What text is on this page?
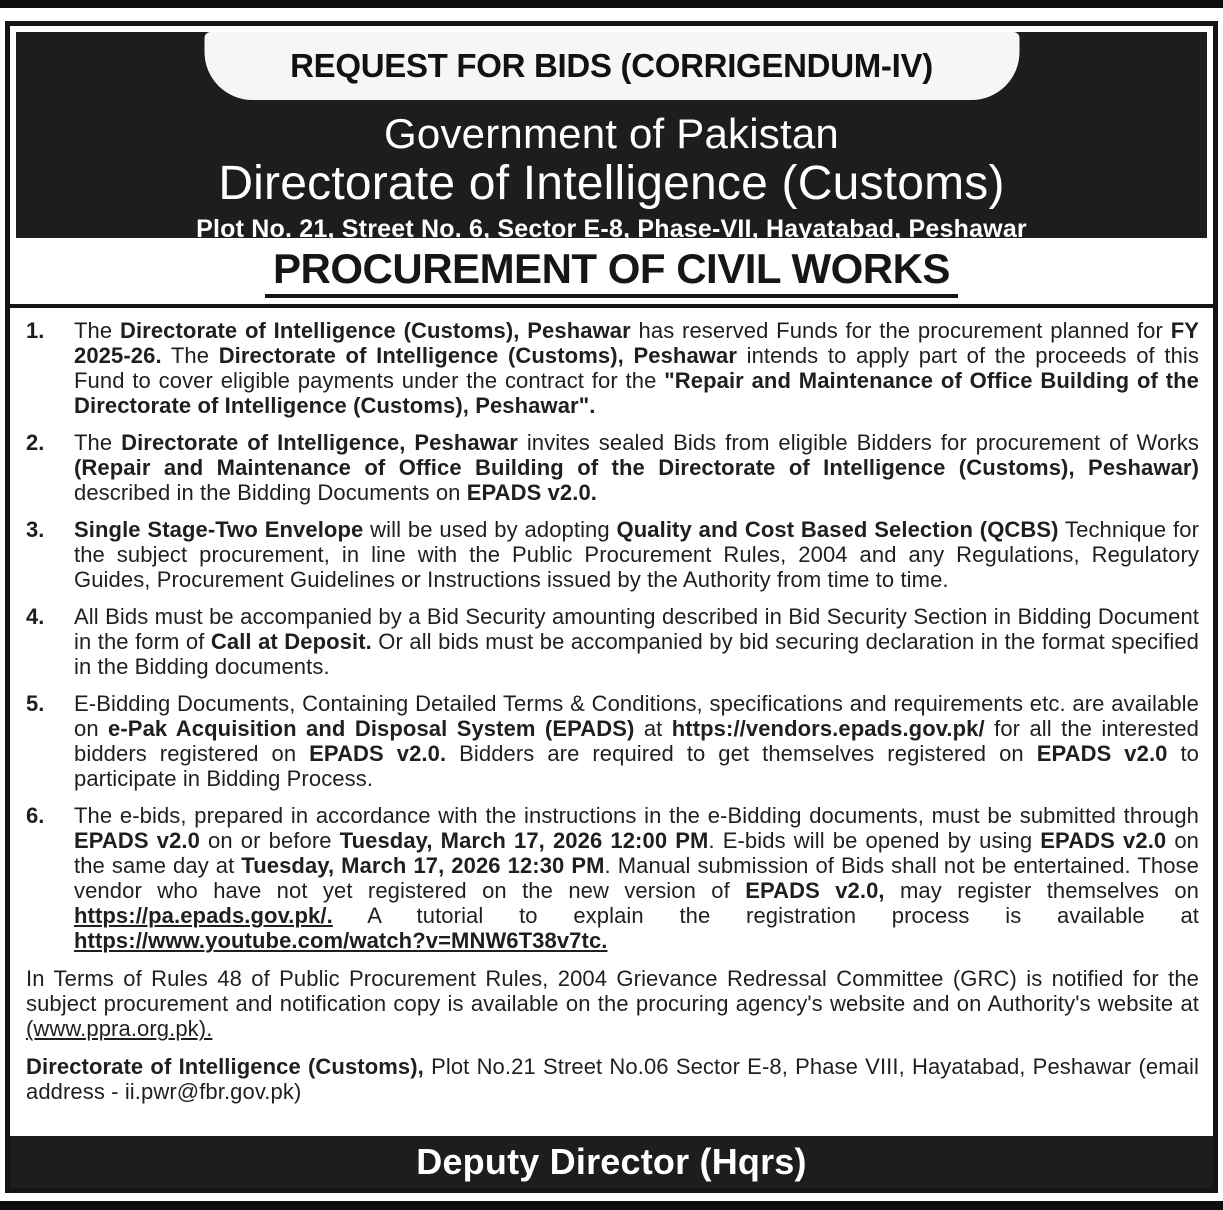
REQUEST FOR BIDS (CORRIGENDUM-IV)
Government of Pakistan
Directorate of Intelligence (Customs)
Plot No. 21, Street No. 6, Sector E-8, Phase-VII, Hayatabad, Peshawar
PROCUREMENT OF CIVIL WORKS
1.	The Directorate of Intelligence (Customs), Peshawar has reserved Funds for the procurement planned for FY 2025-26. The Directorate of Intelligence (Customs), Peshawar intends to apply part of the proceeds of this Fund to cover eligible payments under the contract for the "Repair and Maintenance of Office Building of the Directorate of Intelligence (Customs), Peshawar".
2.	The Directorate of Intelligence, Peshawar invites sealed Bids from eligible Bidders for procurement of Works (Repair and Maintenance of Office Building of the Directorate of Intelligence (Customs), Peshawar) described in the Bidding Documents on EPADS v2.0.
3.	Single Stage-Two Envelope will be used by adopting Quality and Cost Based Selection (QCBS) Technique for the subject procurement, in line with the Public Procurement Rules, 2004 and any Regulations, Regulatory Guides, Procurement Guidelines or Instructions issued by the Authority from time to time.
4.	All Bids must be accompanied by a Bid Security amounting described in Bid Security Section in Bidding Document in the form of Call at Deposit. Or all bids must be accompanied by bid securing declaration in the format specified in the Bidding documents.
5.	E-Bidding Documents, Containing Detailed Terms & Conditions, specifications and requirements etc. are available on e-Pak Acquisition and Disposal System (EPADS) at https://vendors.epads.gov.pk/ for all the interested bidders registered on EPADS v2.0. Bidders are required to get themselves registered on EPADS v2.0 to participate in Bidding Process.
6.	The e-bids, prepared in accordance with the instructions in the e-Bidding documents, must be submitted through EPADS v2.0 on or before Tuesday, March 17, 2026 12:00 PM. E-bids will be opened by using EPADS v2.0 on the same day at Tuesday, March 17, 2026 12:30 PM. Manual submission of Bids shall not be entertained. Those vendor who have not yet registered on the new version of EPADS v2.0, may register themselves on https://pa.epads.gov.pk/. A tutorial to explain the registration process is available at https://www.youtube.com/watch?v=MNW6T38v7tc.
In Terms of Rules 48 of Public Procurement Rules, 2004 Grievance Redressal Committee (GRC) is notified for the subject procurement and notification copy is available on the procuring agency's website and on Authority's website at (www.ppra.org.pk).
Directorate of Intelligence (Customs), Plot No.21 Street No.06 Sector E-8, Phase VIII, Hayatabad, Peshawar (email address - ii.pwr@fbr.gov.pk)
Deputy Director (Hqrs)
